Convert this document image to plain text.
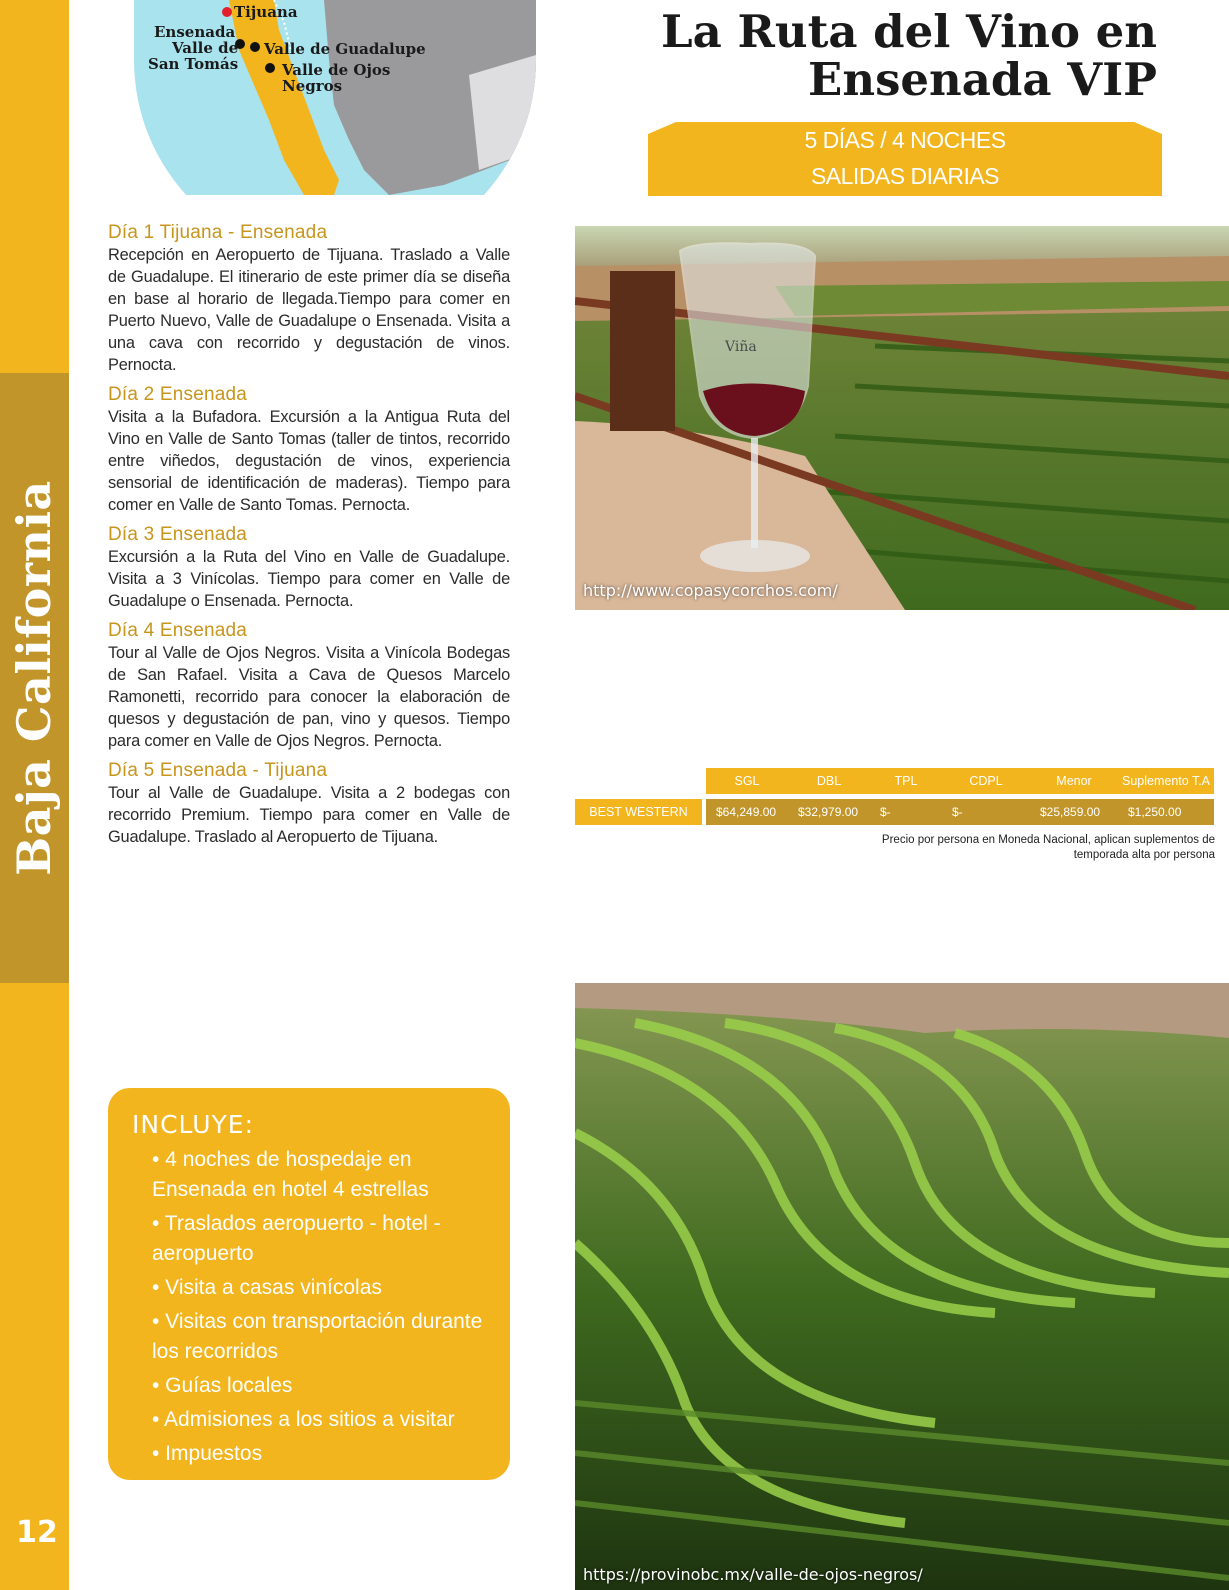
Baja California
12
Tijuana
Ensenada
Valle de
San Tomás
Valle de Guadalupe
Valle de Ojos
Negros
La Ruta del Vino en
Ensenada VIP
5 DÍAS / 4 NOCHES
SALIDAS DIARIAS
Día 1 Tijuana - Ensenada
Recepción en Aeropuerto de Tijuana. Traslado a Valle de Guadalupe. El itinerario de este primer día se diseña en base al horario de llegada.Tiempo para comer en Puerto Nuevo, Valle de Guadalupe o Ensenada. Visita a una cava con recorrido y degustación de vinos. Pernocta.
Día 2 Ensenada
Visita a la Bufadora. Excursión a la Antigua Ruta del Vino en Valle de Santo Tomas (taller de tintos, recorrido entre viñedos, degustación de vinos, experiencia sensorial de identificación de maderas). Tiempo para comer en Valle de Santo Tomas. Pernocta.
Día 3 Ensenada
Excursión a la Ruta del Vino en Valle de Guadalupe. Visita a 3 Vinícolas. Tiempo para comer en Valle de Guadalupe o Ensenada. Pernocta.
Día 4 Ensenada
Tour al Valle de Ojos Negros. Visita a Vinícola Bodegas de San Rafael. Visita a Cava de Quesos Marcelo Ramonetti, recorrido para conocer la elaboración de quesos y degustación de pan, vino y quesos. Tiempo para comer en Valle de Ojos Negros. Pernocta.
Día 5 Ensenada - Tijuana
Tour al Valle de Guadalupe. Visita a 2 bodegas con recorrido Premium. Tiempo para comer en Valle de Guadalupe. Traslado al Aeropuerto de Tijuana.
Viña
http://www.copasycorchos.com/
SGL	DBL	TPL	CDPL	Menor	Suplemento T.A
BEST WESTERN	$64,249.00	$32,979.00	$-	$-	$25,859.00	$1,250.00
Precio por persona en Moneda Nacional, aplican suplementos de temporada alta por persona
INCLUYE:
• 4 noches de hospedaje en Ensenada en hotel 4 estrellas
• Traslados aeropuerto - hotel - aeropuerto
• Visita a casas vinícolas
• Visitas con transportación durante los recorridos
• Guías locales
• Admisiones a los sitios a visitar
• Impuestos
https://provinobc.mx/valle-de-ojos-negros/
